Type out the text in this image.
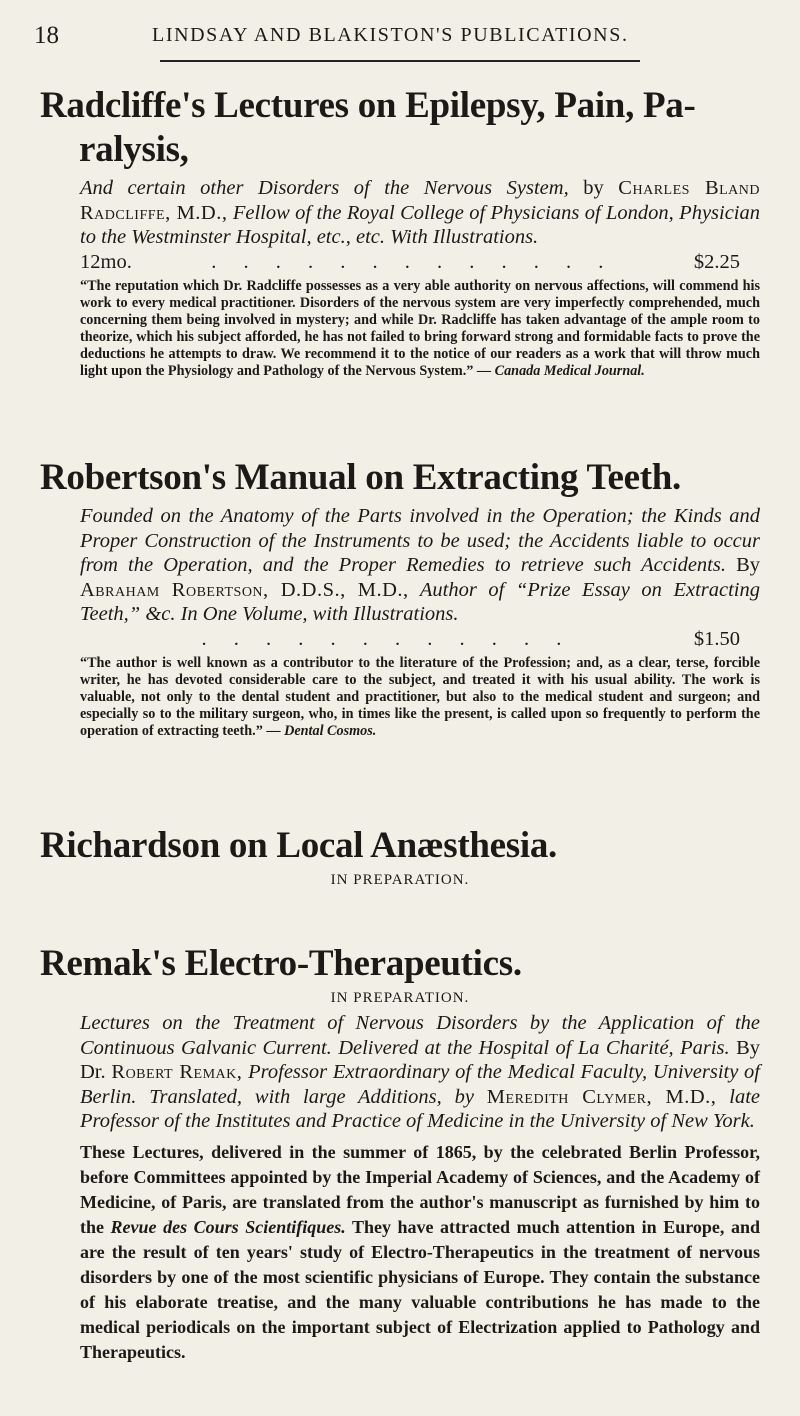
18	LINDSAY AND BLAKISTON'S PUBLICATIONS.
Radcliffe's Lectures on Epilepsy, Pain, Pa-
ralysis,
And certain other Disorders of the Nervous System, by Charles Bland Radcliffe, M.D., Fellow of the Royal College of Physicians of London, Physician to the Westminster Hospital, etc., etc. With Illustrations.
12mo.	. . . . . . . . . . . . .	$2.25
“The reputation which Dr. Radcliffe possesses as a very able authority on nervous affections, will commend his work to every medical practitioner. Disorders of the nervous system are very imperfectly comprehended, much concerning them being involved in mystery; and while Dr. Radcliffe has taken advantage of the ample room to theorize, which his subject afforded, he has not failed to bring forward strong and formidable facts to prove the deductions he attempts to draw. We recommend it to the notice of our readers as a work that will throw much light upon the Physiology and Pathology of the Nervous System.” — Canada Medical Journal.
Robertson's Manual on Extracting Teeth.
Founded on the Anatomy of the Parts involved in the Operation; the Kinds and Proper Construction of the Instruments to be used; the Accidents liable to occur from the Operation, and the Proper Remedies to retrieve such Accidents. By Abraham Robertson, D.D.S., M.D., Author of “Prize Essay on Extracting Teeth,” &c. In One Volume, with Illustrations.
. . . . . . . . . . . .	$1.50
“The author is well known as a contributor to the literature of the Profession; and, as a clear, terse, forcible writer, he has devoted considerable care to the subject, and treated it with his usual ability. The work is valuable, not only to the dental student and practitioner, but also to the medical student and surgeon; and especially so to the military surgeon, who, in times like the present, is called upon so frequently to perform the operation of extracting teeth.” — Dental Cosmos.
Richardson on Local Anæsthesia.
IN PREPARATION.
Remak's Electro-Therapeutics.
IN PREPARATION.
Lectures on the Treatment of Nervous Disorders by the Application of the Continuous Galvanic Current. Delivered at the Hospital of La Charité, Paris. By Dr. Robert Remak, Professor Extraordinary of the Medical Faculty, University of Berlin. Translated, with large Additions, by Meredith Clymer, M.D., late Professor of the Institutes and Practice of Medicine in the University of New York.
These Lectures, delivered in the summer of 1865, by the celebrated Berlin Professor, before Committees appointed by the Imperial Academy of Sciences, and the Academy of Medicine, of Paris, are translated from the author's manuscript as furnished by him to the Revue des Cours Scientifiques. They have attracted much attention in Europe, and are the result of ten years' study of Electro-Therapeutics in the treatment of nervous disorders by one of the most scientific physicians of Europe. They contain the substance of his elaborate treatise, and the many valuable contributions he has made to the medical periodicals on the important subject of Electrization applied to Pathology and Therapeutics.
